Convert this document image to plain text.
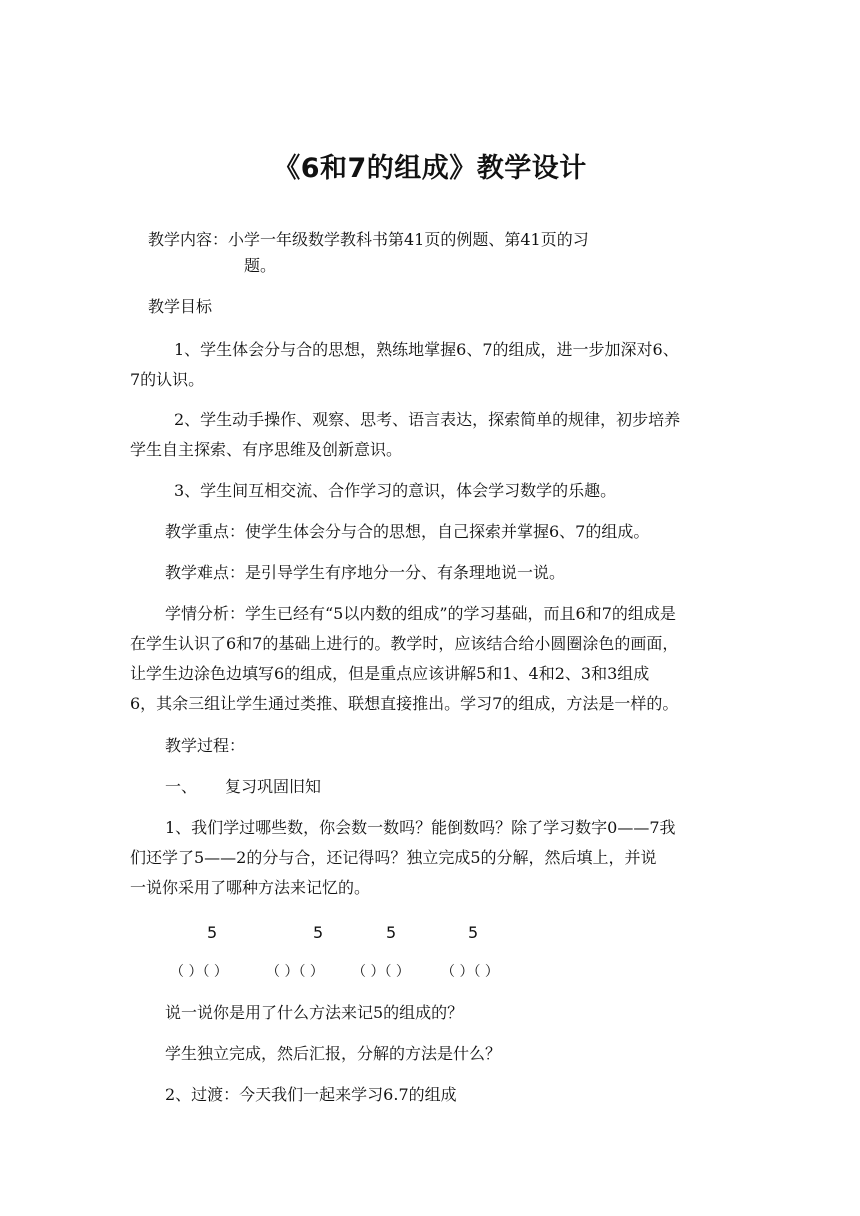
《6和7的组成》教学设计
教学内容：小学一年级数学教科书第41页的例题、第41页的习
题。
教学目标
1、学生体会分与合的思想，熟练地掌握6、7的组成，进一步加深对6、
7的认识。
2、学生动手操作、观察、思考、语言表达，探索简单的规律，初步培养
学生自主探索、有序思维及创新意识。
3、学生间互相交流、合作学习的意识，体会学习数学的乐趣。
教学重点：使学生体会分与合的思想，自己探索并掌握6、7的组成。
教学难点：是引导学生有序地分一分、有条理地说一说。
学情分析：学生已经有“5以内数的组成”的学习基础，而且6和7的组成是
在学生认识了6和7的基础上进行的。教学时，应该结合给小圆圈涂色的画面，
让学生边涂色边填写6的组成，但是重点应该讲解5和1、4和2、3和3组成
6，其余三组让学生通过类推、联想直接推出。学习7的组成，方法是一样的。
教学过程：
一、 复习巩固旧知
1、我们学过哪些数，你会数一数吗？能倒数吗？除了学习数字0——7我
们还学了5——2的分与合，还记得吗？独立完成5的分解，然后填上，并说
一说你采用了哪种方法来记忆的。
5	5	5	5
（ ）（ ）	（ ）（ ） （ ）（ ） （ ）（ ）
说一说你是用了什么方法来记5的组成的？
学生独立完成，然后汇报，分解的方法是什么？
2、过渡：今天我们一起来学习6.7的组成
